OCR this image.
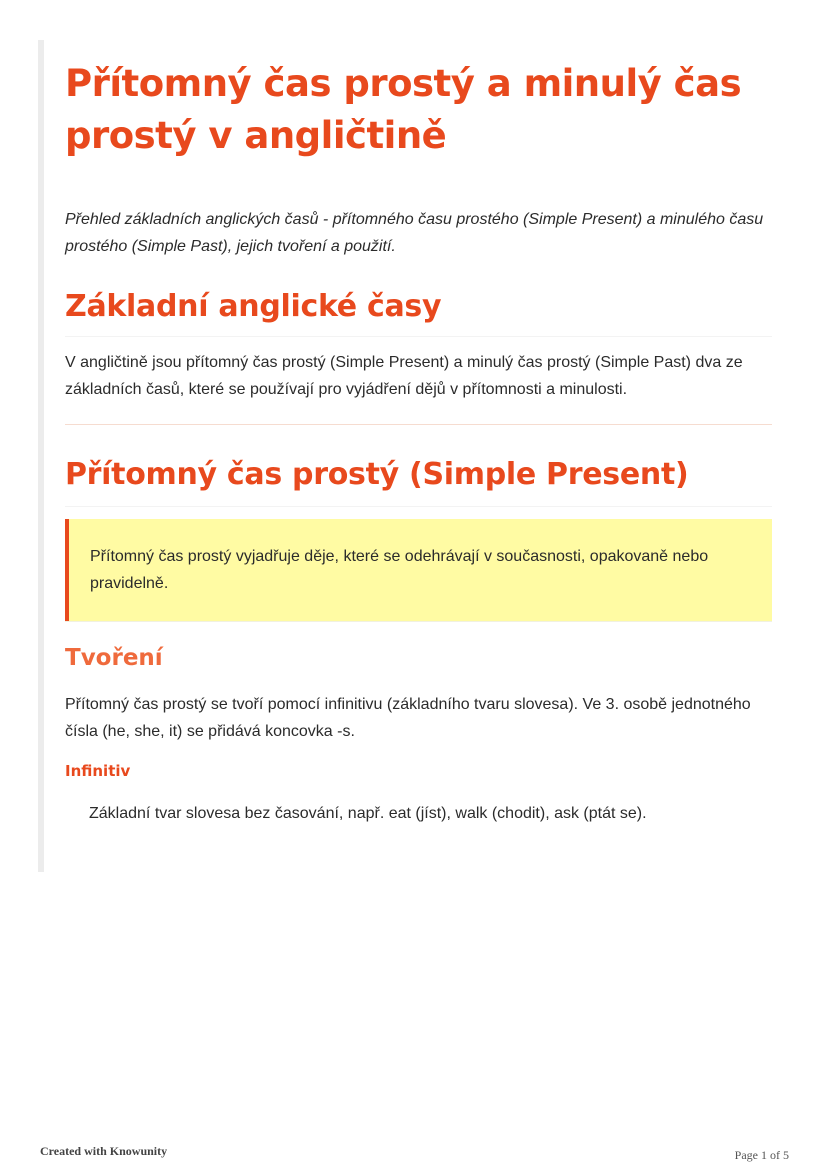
Přítomný čas prostý a minulý čas prostý v angličtině

Přehled základních anglických časů - přítomného času prostého (Simple Present) a minulého času prostého (Simple Past), jejich tvoření a použití.

Základní anglické časy

V angličtině jsou přítomný čas prostý (Simple Present) a minulý čas prostý (Simple Past) dva ze základních časů, které se používají pro vyjádření dějů v přítomnosti a minulosti.

Přítomný čas prostý (Simple Present)
Přítomný čas prostý vyjadřuje děje, které se odehrávají v současnosti, opakovaně nebo pravidelně.
Tvoření

Přítomný čas prostý se tvoří pomocí infinitivu (základního tvaru slovesa). Ve 3. osobě jednotného čísla (he, she, it) se přidává koncovka -s.

Infinitiv

Základní tvar slovesa bez časování, např. eat (jíst), walk (chodit), ask (ptát se).

Created with Knowunity	Page 1 of 5
